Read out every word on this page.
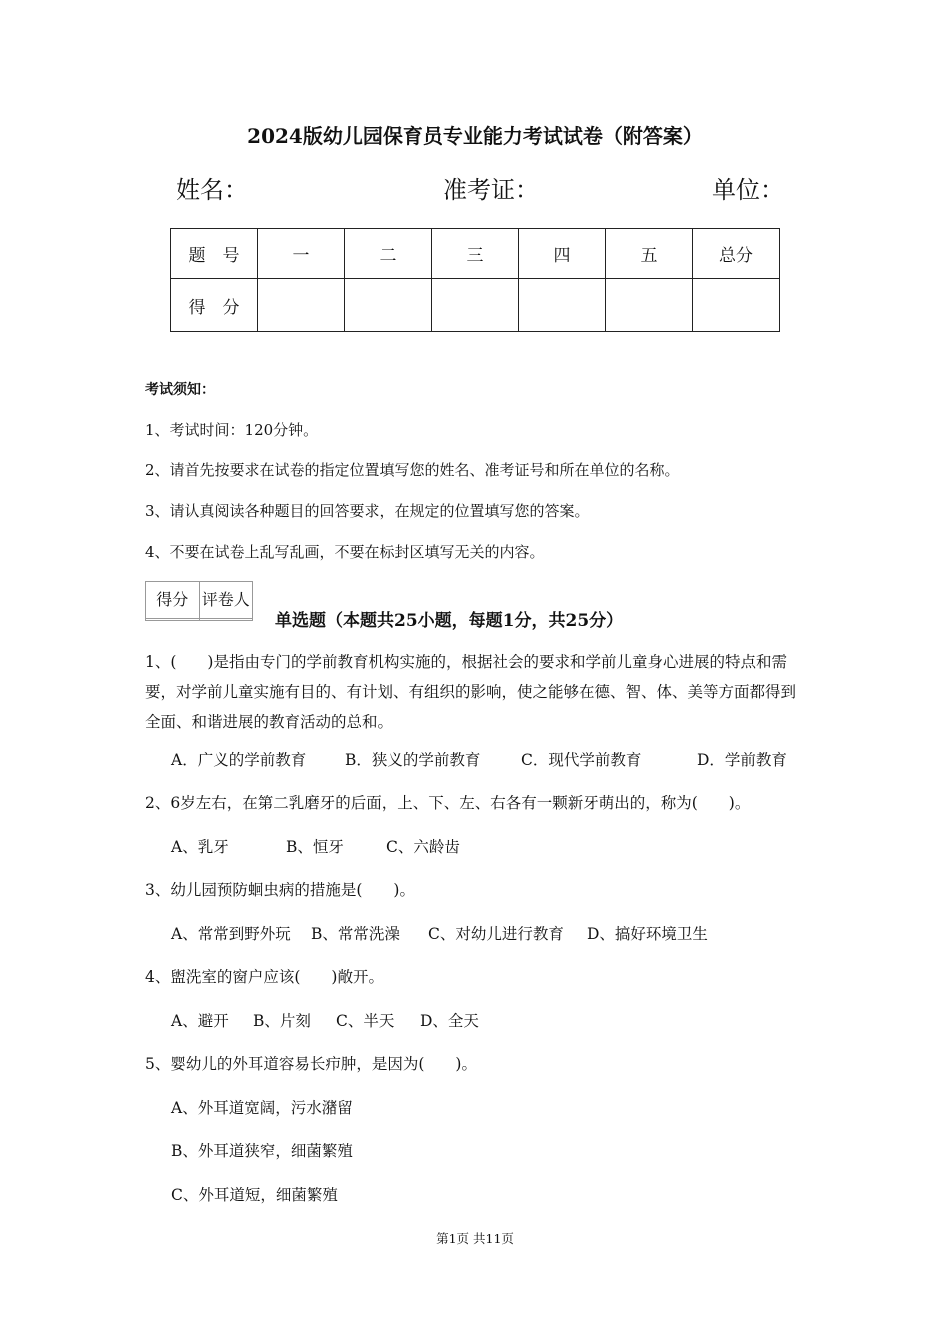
2024版幼儿园保育员专业能力考试试卷（附答案）
姓名：	准考证：	单位：
题　号	一	二	三	四	五	总分
得　分						
考试须知：
1、考试时间：120分钟。
2、请首先按要求在试卷的指定位置填写您的姓名、准考证号和所在单位的名称。
3、请认真阅读各种题目的回答要求，在规定的位置填写您的答案。
4、不要在试卷上乱写乱画，不要在标封区填写无关的内容。
得分	评卷人

单选题（本题共25小题，每题1分，共25分）
1、(　　)是指由专门的学前教育机构实施的，根据社会的要求和学前儿童身心进展的特点和需要，对学前儿童实施有目的、有计划、有组织的影响，使之能够在德、智、体、美等方面都得到全面、和谐进展的教育活动的总和。
A．广义的学前教育	B．狭义的学前教育	C．现代学前教育	D．学前教育
2、6岁左右，在第二乳磨牙的后面，上、下、左、右各有一颗新牙萌出的，称为(　　)。
A、乳牙	B、恒牙	C、六龄齿
3、幼儿园预防蛔虫病的措施是(　　)。
A、常常到野外玩 B、常常洗澡 C、对幼儿进行教育 D、搞好环境卫生
4、盥洗室的窗户应该(　　)敞开。
A、避开 B、片刻 C、半天 D、全天
5、婴幼儿的外耳道容易长疖肿，是因为(　　)。
A、外耳道宽阔，污水潴留
B、外耳道狭窄，细菌繁殖
C、外耳道短，细菌繁殖
第1页 共11页
